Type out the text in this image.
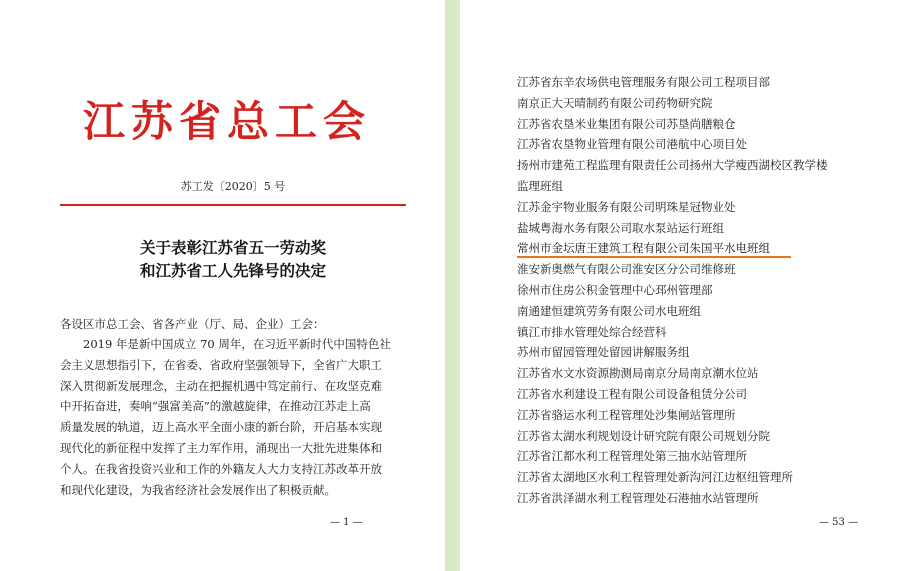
江苏省总工会
苏工发〔2020〕5 号
关于表彰江苏省五一劳动奖
和江苏省工人先锋号的决定
各设区市总工会、省各产业（厅、局、企业）工会：
　　2019 年是新中国成立 70 周年，在习近平新时代中国特色社
会主义思想指引下，在省委、省政府坚强领导下，全省广大职工
深入贯彻新发展理念，主动在把握机遇中笃定前行、在攻坚克难
中开拓奋进，奏响“强富美高”的激越旋律，在推动江苏走上高
质量发展的轨道，迈上高水平全面小康的新台阶，开启基本实现
现代化的新征程中发挥了主力军作用，涌现出一大批先进集体和
个人。在我省投资兴业和工作的外籍友人大力支持江苏改革开放
和现代化建设，为我省经济社会发展作出了积极贡献。
— 1 —
江苏省东辛农场供电管理服务有限公司工程项目部
南京正大天晴制药有限公司药物研究院
江苏省农垦米业集团有限公司苏垦尚膳粮仓
江苏省农垦物业管理有限公司港航中心项目处
扬州市建苑工程监理有限责任公司扬州大学瘦西湖校区教学楼
监理班组
江苏金宇物业服务有限公司明珠星冠物业处
盐城粤海水务有限公司取水泵站运行班组
常州市金坛唐王建筑工程有限公司朱国平水电班组
淮安新奥燃气有限公司淮安区分公司维修班
徐州市住房公积金管理中心邳州管理部
南通建恒建筑劳务有限公司水电班组
镇江市排水管理处综合经营科
苏州市留园管理处留园讲解服务组
江苏省水文水资源勘测局南京分局南京潮水位站
江苏省水利建设工程有限公司设备租赁分公司
江苏省骆运水利工程管理处沙集闸站管理所
江苏省太湖水利规划设计研究院有限公司规划分院
江苏省江都水利工程管理处第三抽水站管理所
江苏省太湖地区水利工程管理处新沟河江边枢纽管理所
江苏省洪泽湖水利工程管理处石港抽水站管理所
— 53 —
